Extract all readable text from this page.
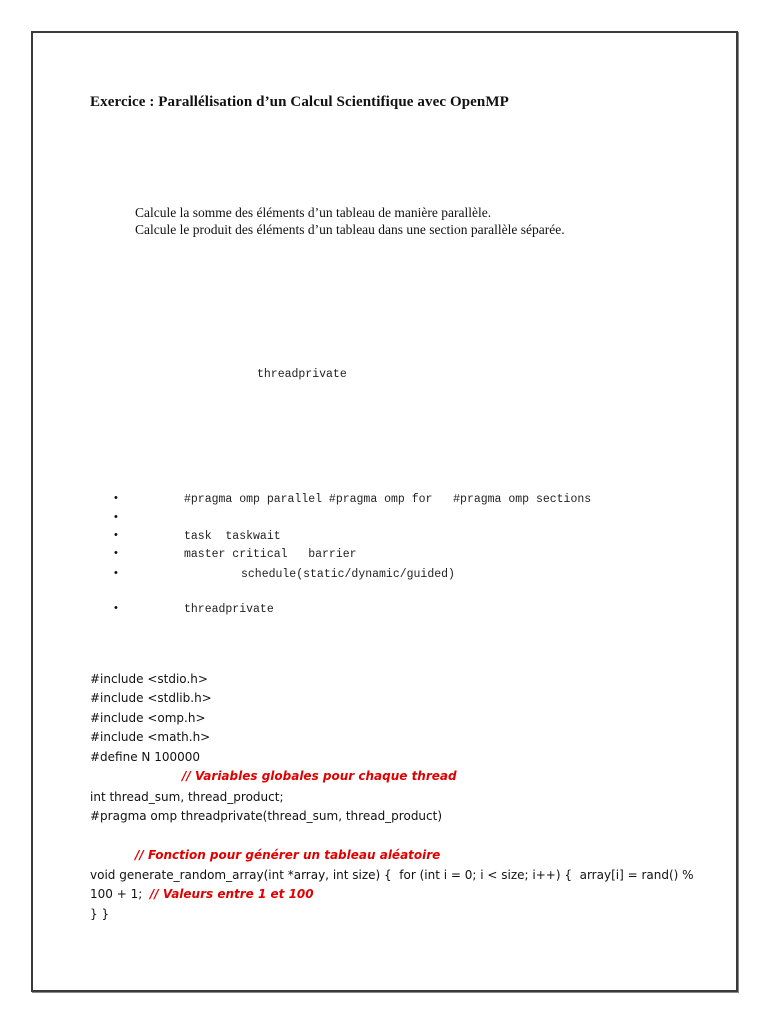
Exercice : Parallélisation d’un Calcul Scientifique avec OpenMP
Calcule la somme des éléments d’un tableau de manière parallèle.
Calcule le produit des éléments d’un tableau dans une section parallèle séparée.
threadprivate
•	#pragma omp parallel #pragma omp for   #pragma omp sections
•
•	task  taskwait
•	master critical   barrier
•	schedule(static/dynamic/guided)
•	threadprivate
#include <stdio.h>
#include <stdlib.h>
#include <omp.h>
#include <math.h>
#define N 100000
// Variables globales pour chaque thread
int thread_sum, thread_product;
#pragma omp threadprivate(thread_sum, thread_product)
// Fonction pour générer un tableau aléatoire
void generate_random_array(int *array, int size) {  for (int i = 0; i < size; i++) {  array[i] = rand() %
100 + 1; // Valeurs entre 1 et 100
} }
